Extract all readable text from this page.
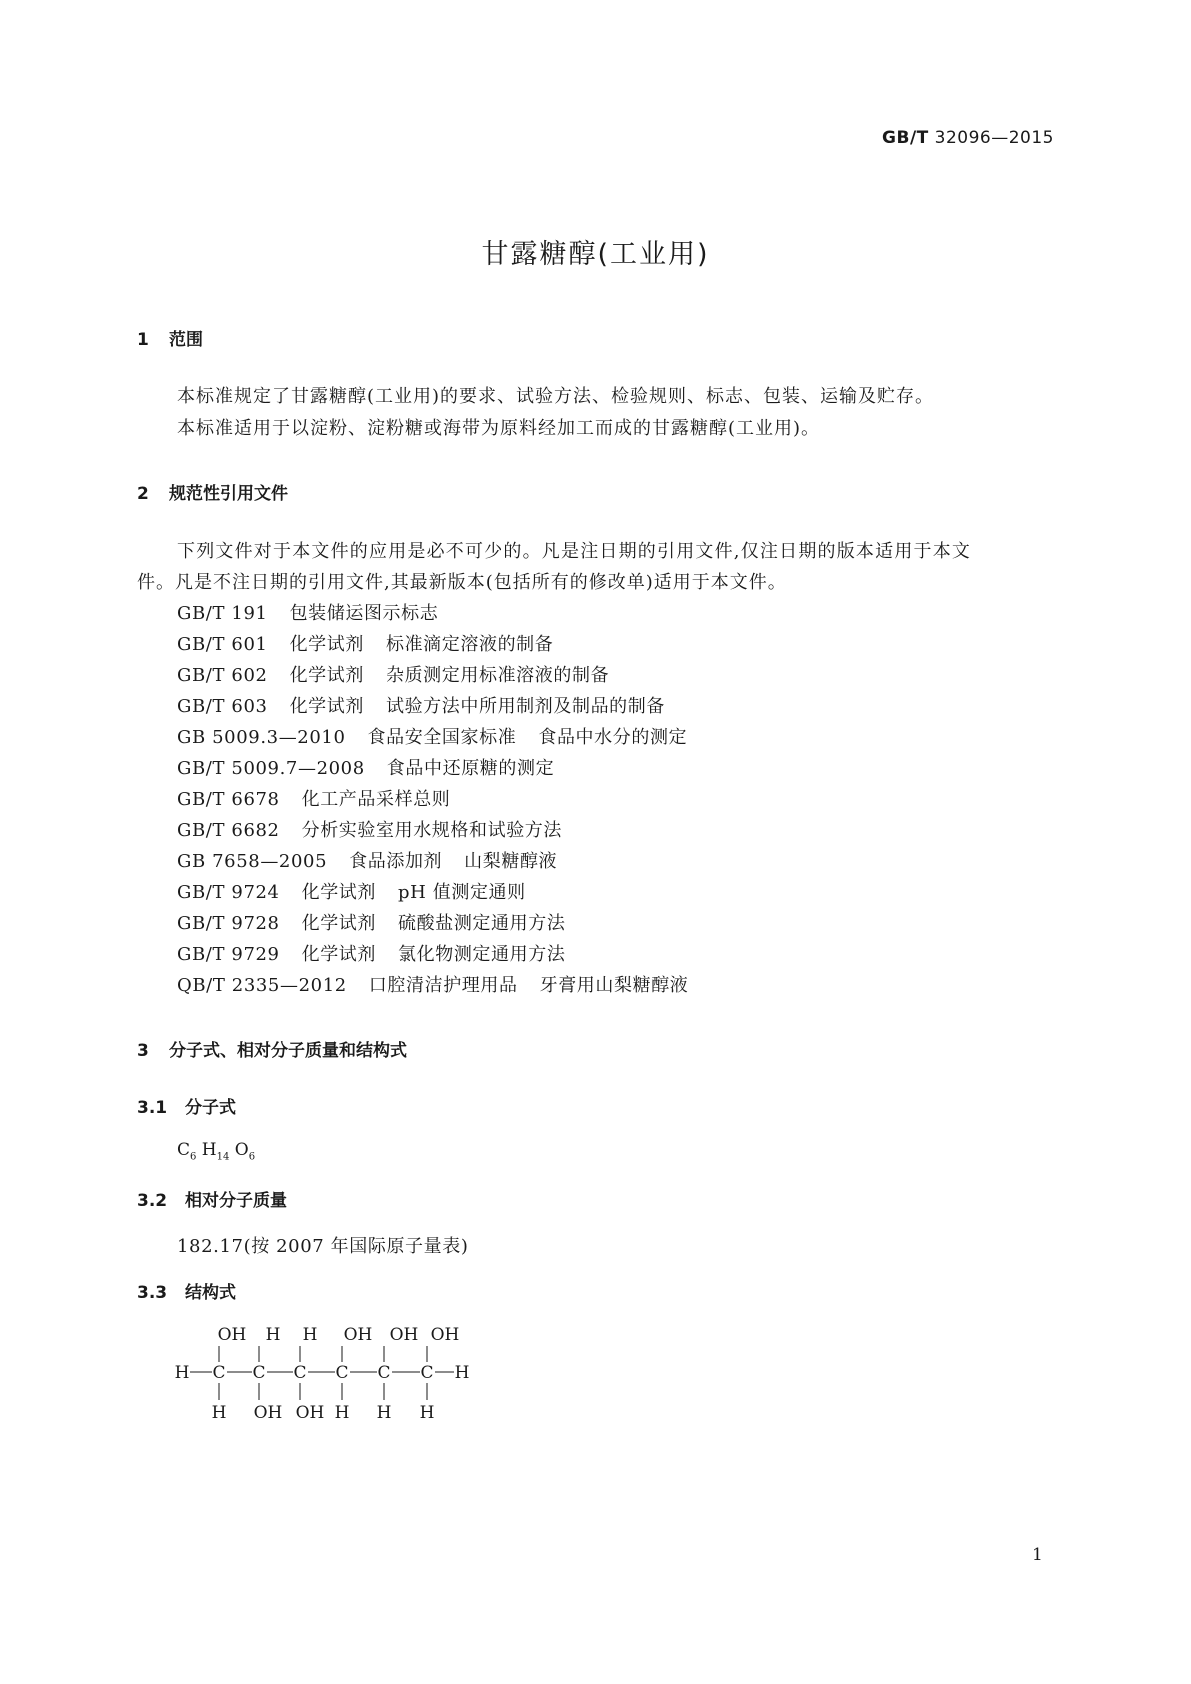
GB/T 32096—2015
甘露糖醇(工业用)
1 范围
本标准规定了甘露糖醇(工业用)的要求、试验方法、检验规则、标志、包装、运输及贮存。
本标准适用于以淀粉、淀粉糖或海带为原料经加工而成的甘露糖醇(工业用)。
2 规范性引用文件
下列文件对于本文件的应用是必不可少的。凡是注日期的引用文件,仅注日期的版本适用于本文
件。凡是不注日期的引用文件,其最新版本(包括所有的修改单)适用于本文件。
GB/T 191 包装储运图示标志
GB/T 601 化学试剂 标准滴定溶液的制备
GB/T 602 化学试剂 杂质测定用标准溶液的制备
GB/T 603 化学试剂 试验方法中所用制剂及制品的制备
GB 5009.3—2010 食品安全国家标准 食品中水分的测定
GB/T 5009.7—2008 食品中还原糖的测定
GB/T 6678 化工产品采样总则
GB/T 6682 分析实验室用水规格和试验方法
GB 7658—2005 食品添加剂 山梨糖醇液
GB/T 9724 化学试剂 pH 值测定通则
GB/T 9728 化学试剂 硫酸盐测定通用方法
GB/T 9729 化学试剂 氯化物测定通用方法
QB/T 2335—2012 口腔清洁护理用品 牙膏用山梨糖醇液
3 分子式、相对分子质量和结构式
3.1 分子式
$C_6$ $H_{14}$ $O_6$
3.2 相对分子质量
182.17(按 2007 年国际原子量表)
3.3 结构式
OH H H OH OH OH
H C C C C C C H
H OH OH H H H
1
